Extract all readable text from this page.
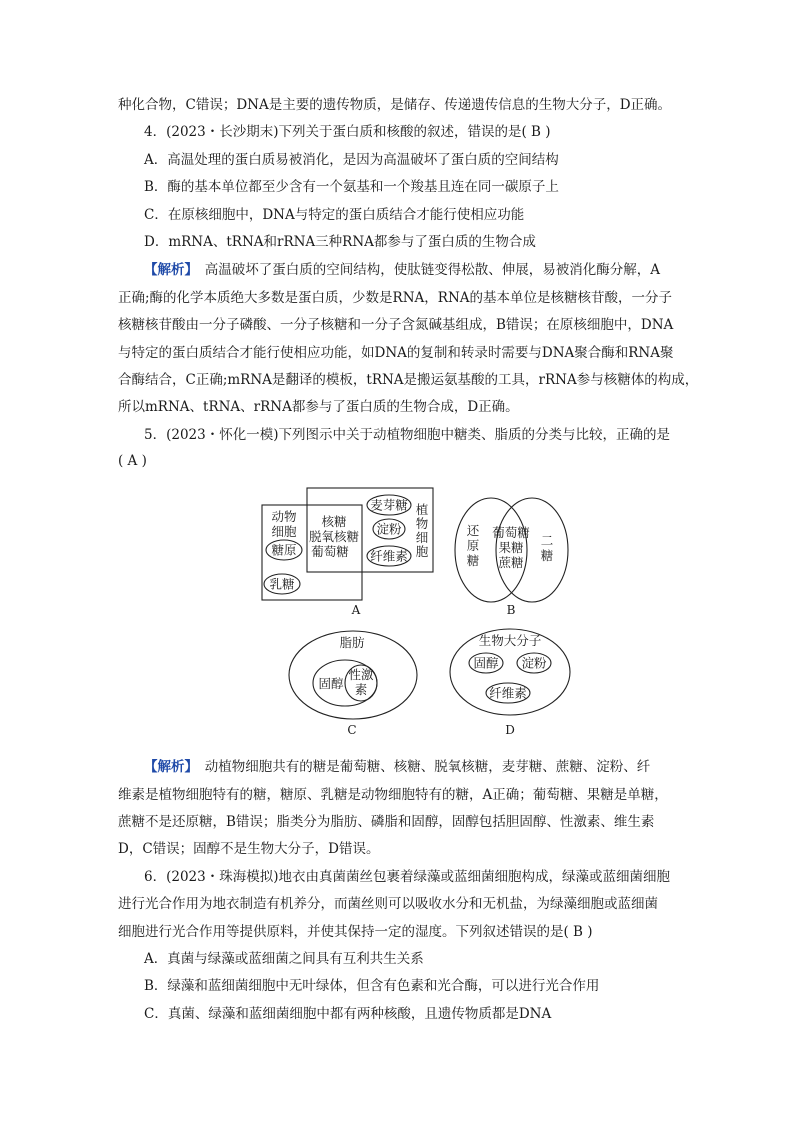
种化合物，C错误；DNA是主要的遗传物质，是储存、传递遗传信息的生物大分子，D正确。
4．(2023・长沙期末)下列关于蛋白质和核酸的叙述，错误的是( B )
A．高温处理的蛋白质易被消化，是因为高温破坏了蛋白质的空间结构
B．酶的基本单位都至少含有一个氨基和一个羧基且连在同一碳原子上
C．在原核细胞中，DNA与特定的蛋白质结合才能行使相应功能
D．mRNA、tRNA和rRNA三种RNA都参与了蛋白质的生物合成
【解析】　高温破坏了蛋白质的空间结构，使肽链变得松散、伸展，易被消化酶分解，A
正确;酶的化学本质绝大多数是蛋白质，少数是RNA，RNA的基本单位是核糖核苷酸，一分子
核糖核苷酸由一分子磷酸、一分子核糖和一分子含氮碱基组成，B错误；在原核细胞中，DNA
与特定的蛋白质结合才能行使相应功能，如DNA的复制和转录时需要与DNA聚合酶和RNA聚
合酶结合，C正确;mRNA是翻译的模板，tRNA是搬运氨基酸的工具，rRNA参与核糖体的构成，
所以mRNA、tRNA、rRNA都参与了蛋白质的生物合成，D正确。
5．(2023・怀化一模)下列图示中关于动植物细胞中糖类、脂质的分类与比较，正确的是
( A )
动物
细胞
糖原
乳糖
核糖
脱氧核糖
葡萄糖
麦芽糖
淀粉
纤维素
植
物
细
胞
A
还
原
糖
葡萄糖
果糖
蔗糖
二
糖
B
脂肪
固醇
性激
素
C
生物大分子
固醇 淀粉
纤维素
D
【解析】　动植物细胞共有的糖是葡萄糖、核糖、脱氧核糖，麦芽糖、蔗糖、淀粉、纤
维素是植物细胞特有的糖，糖原、乳糖是动物细胞特有的糖，A正确；葡萄糖、果糖是单糖，
蔗糖不是还原糖，B错误；脂类分为脂肪、磷脂和固醇，固醇包括胆固醇、性激素、维生素
D，C错误；固醇不是生物大分子，D错误。
6．(2023・珠海模拟)地衣由真菌菌丝包裹着绿藻或蓝细菌细胞构成，绿藻或蓝细菌细胞
进行光合作用为地衣制造有机养分，而菌丝则可以吸收水分和无机盐，为绿藻细胞或蓝细菌
细胞进行光合作用等提供原料，并使其保持一定的湿度。下列叙述错误的是( B )
A．真菌与绿藻或蓝细菌之间具有互利共生关系
B．绿藻和蓝细菌细胞中无叶绿体，但含有色素和光合酶，可以进行光合作用
C．真菌、绿藻和蓝细菌细胞中都有两种核酸，且遗传物质都是DNA
